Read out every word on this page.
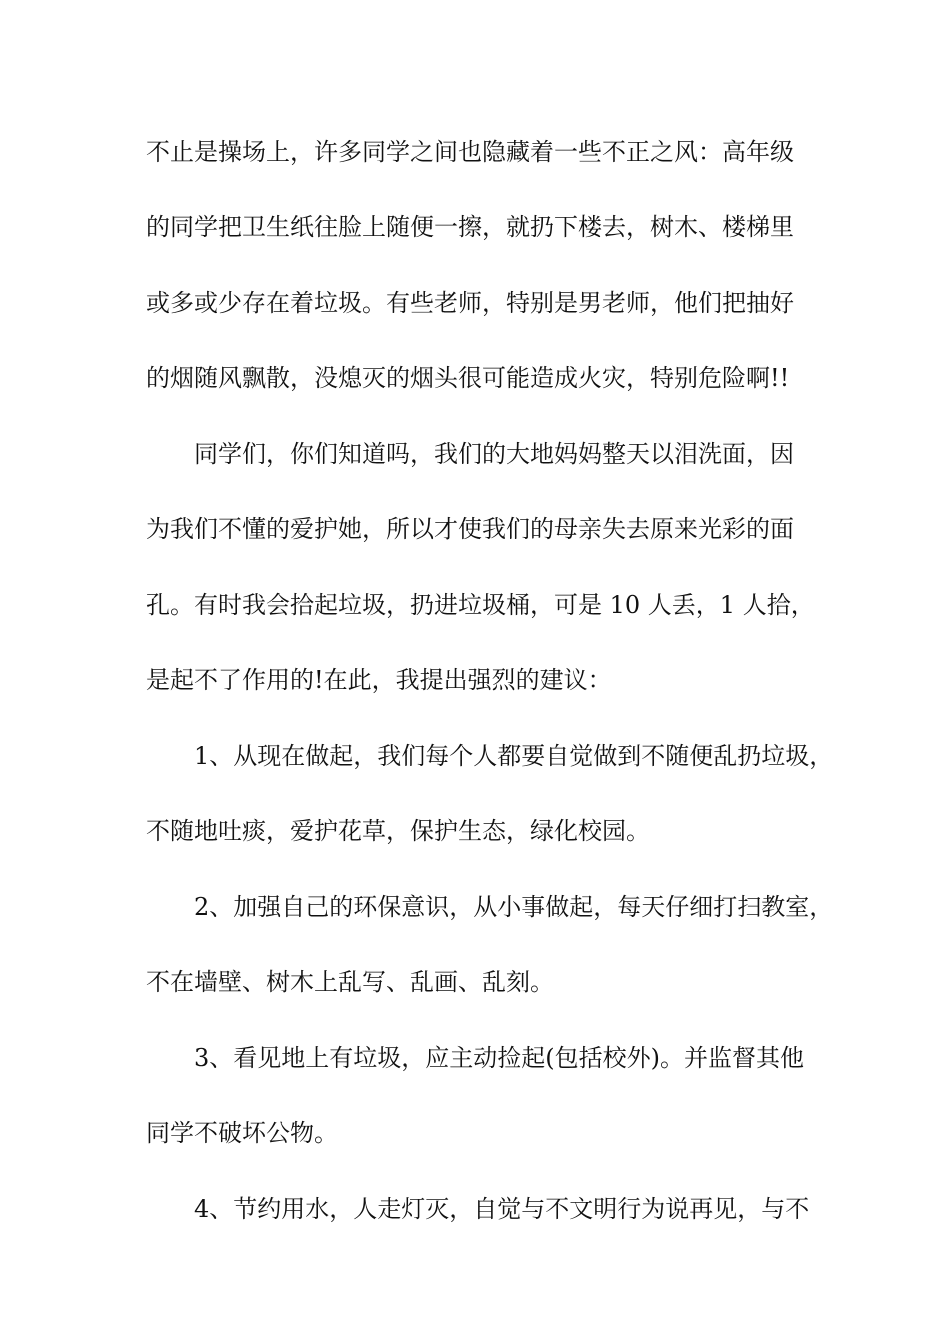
不止是操场上，许多同学之间也隐藏着一些不正之风：高年级
的同学把卫生纸往脸上随便一擦，就扔下楼去，树木、楼梯里
或多或少存在着垃圾。有些老师，特别是男老师，他们把抽好
的烟随风飘散，没熄灭的烟头很可能造成火灾，特别危险啊!!
同学们，你们知道吗，我们的大地妈妈整天以泪洗面，因
为我们不懂的爱护她，所以才使我们的母亲失去原来光彩的面
孔。有时我会拾起垃圾，扔进垃圾桶，可是 10 人丢，1 人拾，
是起不了作用的!在此，我提出强烈的建议：
1、从现在做起，我们每个人都要自觉做到不随便乱扔垃圾，
不随地吐痰，爱护花草，保护生态，绿化校园。
2、加强自己的环保意识，从小事做起，每天仔细打扫教室，
不在墙壁、树木上乱写、乱画、乱刻。
3、看见地上有垃圾，应主动捡起(包括校外)。并监督其他
同学不破坏公物。
4、节约用水，人走灯灭，自觉与不文明行为说再见，与不
